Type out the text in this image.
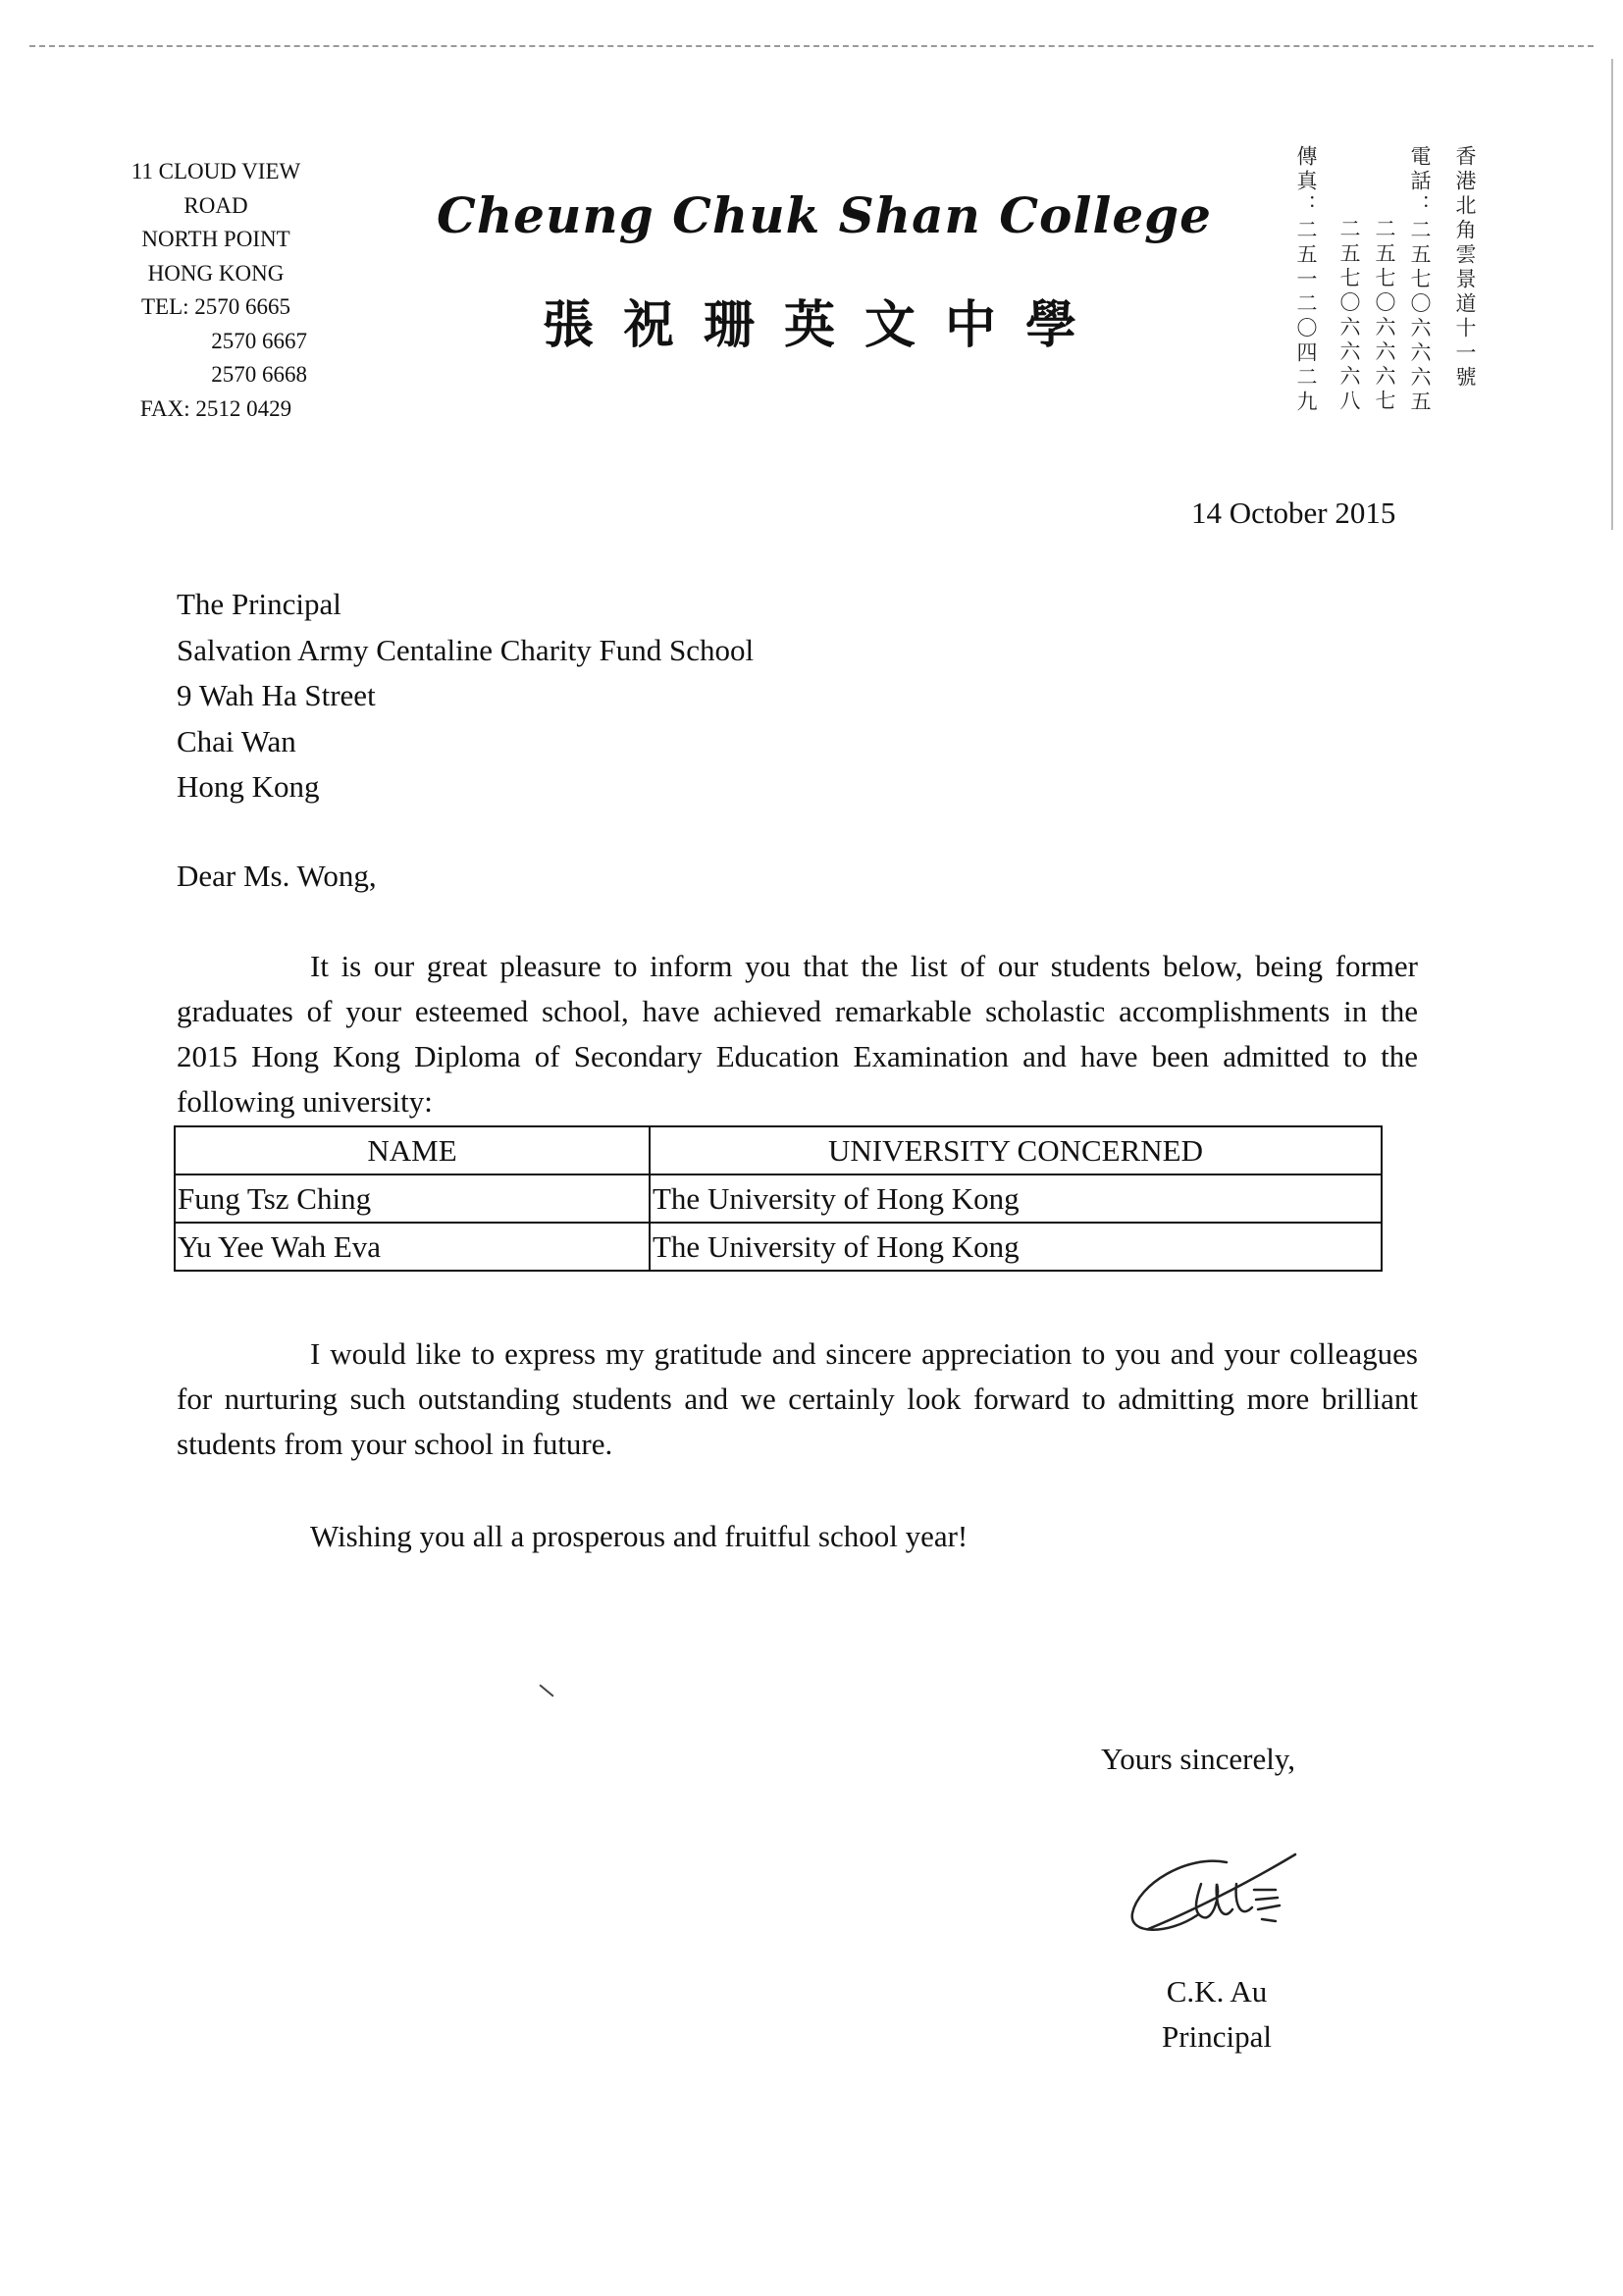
11 CLOUD VIEW
ROAD
NORTH POINT
HONG KONG
TEL: 2570 6665
2570 6667
2570 6668
FAX: 2512 0429
Cheung Chuk Shan College
張祝珊英文中學	香港北角雲景道十一號
電話：二五七〇六六六五
二五七〇六六六七
二五七〇六六六八
傳真：二五一二〇四二九
14 October 2015
The Principal
Salvation Army Centaline Charity Fund School
9 Wah Ha Street
Chai Wan
Hong Kong
Dear Ms. Wong,

It is our great pleasure to inform you that the list of our students below, being former graduates of your esteemed school, have achieved remarkable scholastic accomplishments in the 2015 Hong Kong Diploma of Secondary Education Examination and have been admitted to the following university:

NAME	UNIVERSITY CONCERNED
Fung Tsz Ching	The University of Hong Kong
Yu Yee Wah Eva	The University of Hong Kong

I would like to express my gratitude and sincere appreciation to you and your colleagues for nurturing such outstanding students and we certainly look forward to admitting more brilliant students from your school in future.

Wishing you all a prosperous and fruitful school year!

Yours sincerely,
C.K. Au
Principal
